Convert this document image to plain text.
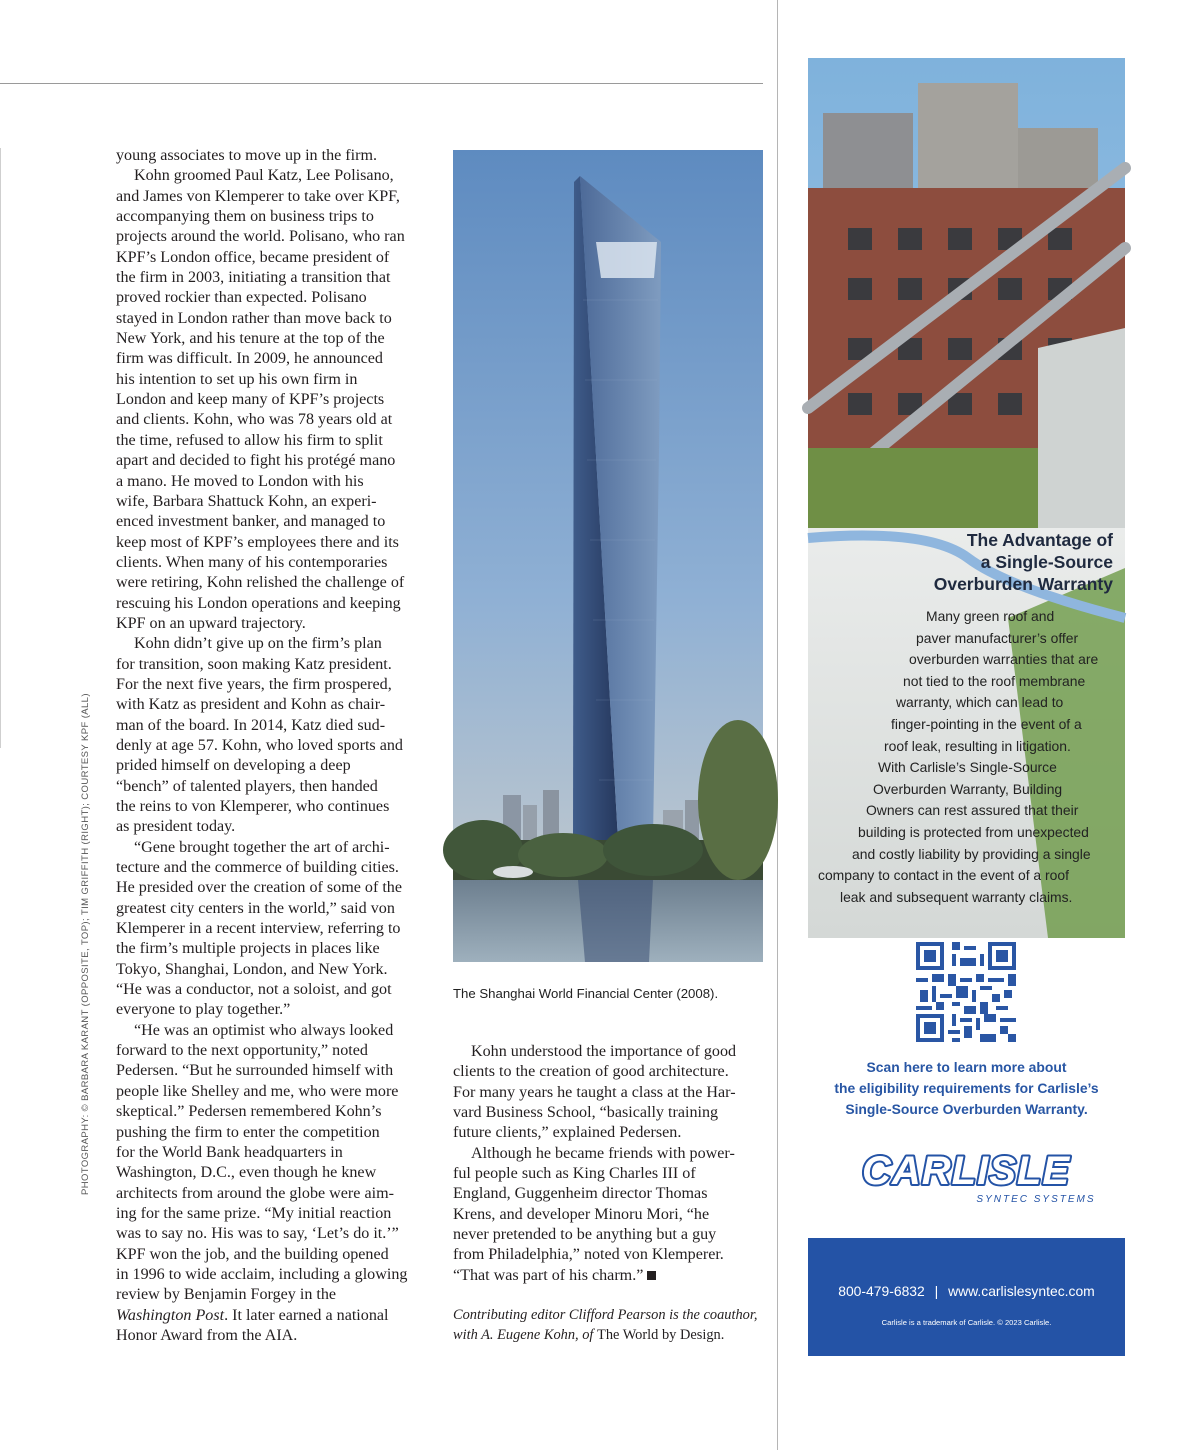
PHOTOGRAPHY: © BARBARA KARANT (OPPOSITE, TOP); TIM GRIFFITH (RIGHT); COURTESY KPF (ALL)

young associates to move up in the firm.

Kohn groomed Paul Katz, Lee Polisano,
and James von Klemperer to take over KPF,
accompanying them on business trips to
projects around the world. Polisano, who ran
KPF’s London office, became president of
the firm in 2003, initiating a transition that
proved rockier than expected. Polisano
stayed in London rather than move back to
New York, and his tenure at the top of the
firm was difficult. In 2009, he announced
his intention to set up his own firm in
London and keep many of KPF’s projects
and clients. Kohn, who was 78 years old at
the time, refused to allow his firm to split
apart and decided to fight his protégé mano
a mano. He moved to London with his
wife, Barbara Shattuck Kohn, an experi-
enced investment banker, and managed to
keep most of KPF’s employees there and its
clients. When many of his contemporaries
were retiring, Kohn relished the challenge of
rescuing his London operations and keeping
KPF on an upward trajectory.

Kohn didn’t give up on the firm’s plan
for transition, soon making Katz president.
For the next five years, the firm prospered,
with Katz as president and Kohn as chair-
man of the board. In 2014, Katz died sud-
denly at age 57. Kohn, who loved sports and
prided himself on developing a deep
“bench” of talented players, then handed
the reins to von Klemperer, who continues
as president today.

“Gene brought together the art of archi-
tecture and the commerce of building cities.
He presided over the creation of some of the
greatest city centers in the world,” said von
Klemperer in a recent interview, referring to
the firm’s multiple projects in places like
Tokyo, Shanghai, London, and New York.
“He was a conductor, not a soloist, and got
everyone to play together.”

“He was an optimist who always looked
forward to the next opportunity,” noted
Pedersen. “But he surrounded himself with
people like Shelley and me, who were more
skeptical.” Pedersen remembered Kohn’s
pushing the firm to enter the competition
for the World Bank headquarters in
Washington, D.C., even though he knew
architects from around the globe were aim-
ing for the same prize. “My initial reaction
was to say no. His was to say, ‘Let’s do it.’”
KPF won the job, and the building opened
in 1996 to wide acclaim, including a glowing
review by Benjamin Forgey in the
Washington Post. It later earned a national
Honor Award from the AIA.

The Shanghai World Financial Center (2008).

Kohn understood the importance of good
clients to the creation of good architecture.
For many years he taught a class at the Har-
vard Business School, “basically training
future clients,” explained Pedersen.

Although he became friends with power-
ful people such as King Charles III of
England, Guggenheim director Thomas
Krens, and developer Minoru Mori, “he
never pretended to be anything but a guy
from Philadelphia,” noted von Klemperer.
“That was part of his charm.”

Contributing editor Clifford Pearson is the coauthor,
with A. Eugene Kohn, of The World by Design.

The Advantage of
a Single-Source
Overburden Warranty

Many green roof and
paver manufacturer’s offer
overburden warranties that are
not tied to the roof membrane
warranty, which can lead to
finger-pointing in the event of a
roof leak, resulting in litigation.
With Carlisle’s Single-Source
Overburden Warranty, Building
Owners can rest assured that their
building is protected from unexpected
and costly liability by providing a single
company to contact in the event of a roof
leak and subsequent warranty claims.
Scan here to learn more about
the eligibility requirements for Carlisle’s
Single-Source Overburden Warranty.

CARLISLE
SYNTEC SYSTEMS
800-479-6832 | www.carlislesyntec.com
Carlisle is a trademark of Carlisle. © 2023 Carlisle.
